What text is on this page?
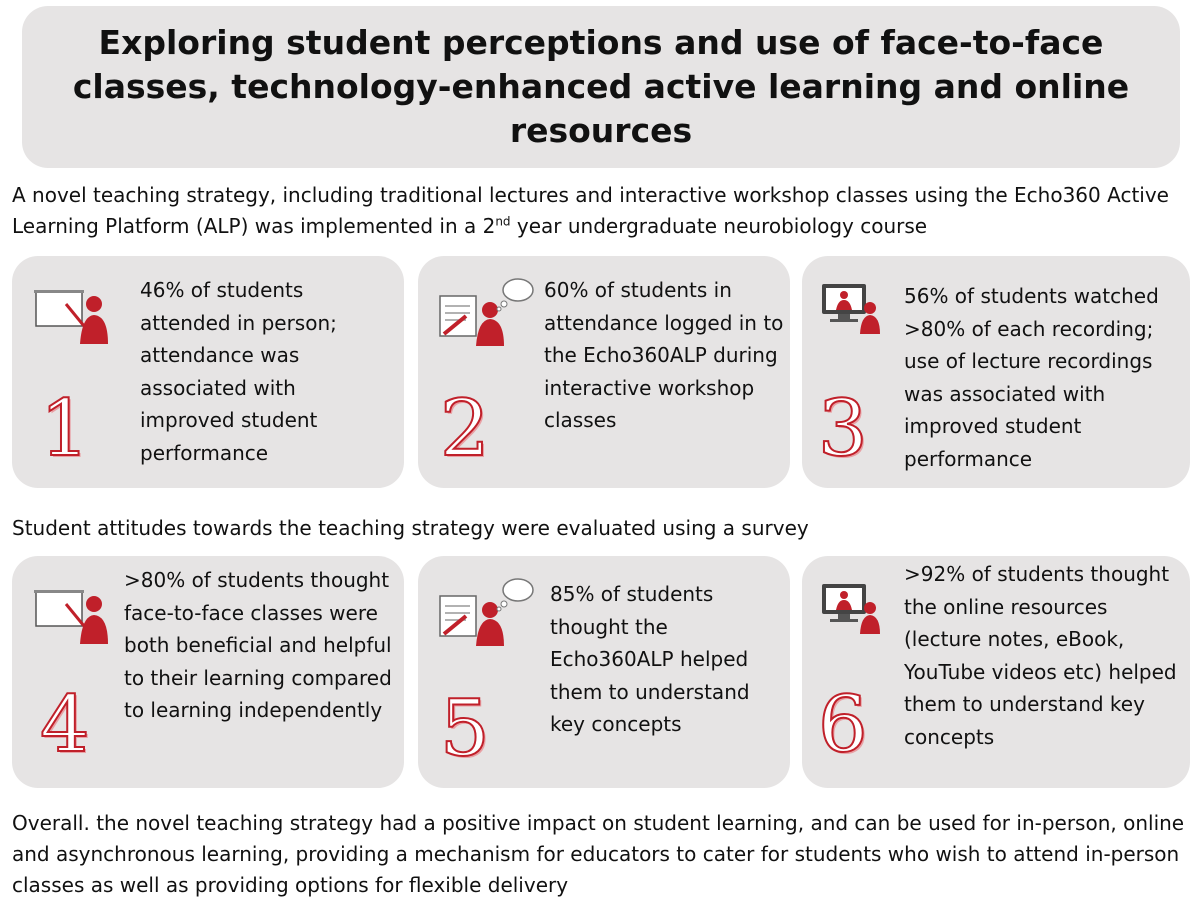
Exploring student perceptions and use of face-to-face classes, technology-enhanced active learning and online resources

A novel teaching strategy, including traditional lectures and interactive workshop classes using the Echo360 Active Learning Platform (ALP) was implemented in a 2nd year undergraduate neurobiology course

1

46% of students attended in person; attendance was associated with improved student performance	2

60% of students in attendance logged in to the Echo360ALP during interactive workshop classes	3

56% of students watched >80% of each recording; use of lecture recordings was associated with improved student performance

Student attitudes towards the teaching strategy were evaluated using a survey

4

>80% of students thought face-to-face classes were both beneficial and helpful to their learning compared to learning independently 5

85% of students thought the Echo360ALP helped them to understand key concepts	6

>92% of students thought the online resources (lecture notes, eBook, YouTube videos etc) helped them to understand key concepts

Overall. the novel teaching strategy had a positive impact on student learning, and can be used for in-person, online and asynchronous learning, providing a mechanism for educators to cater for students who wish to attend in-person classes as well as providing options for flexible delivery
